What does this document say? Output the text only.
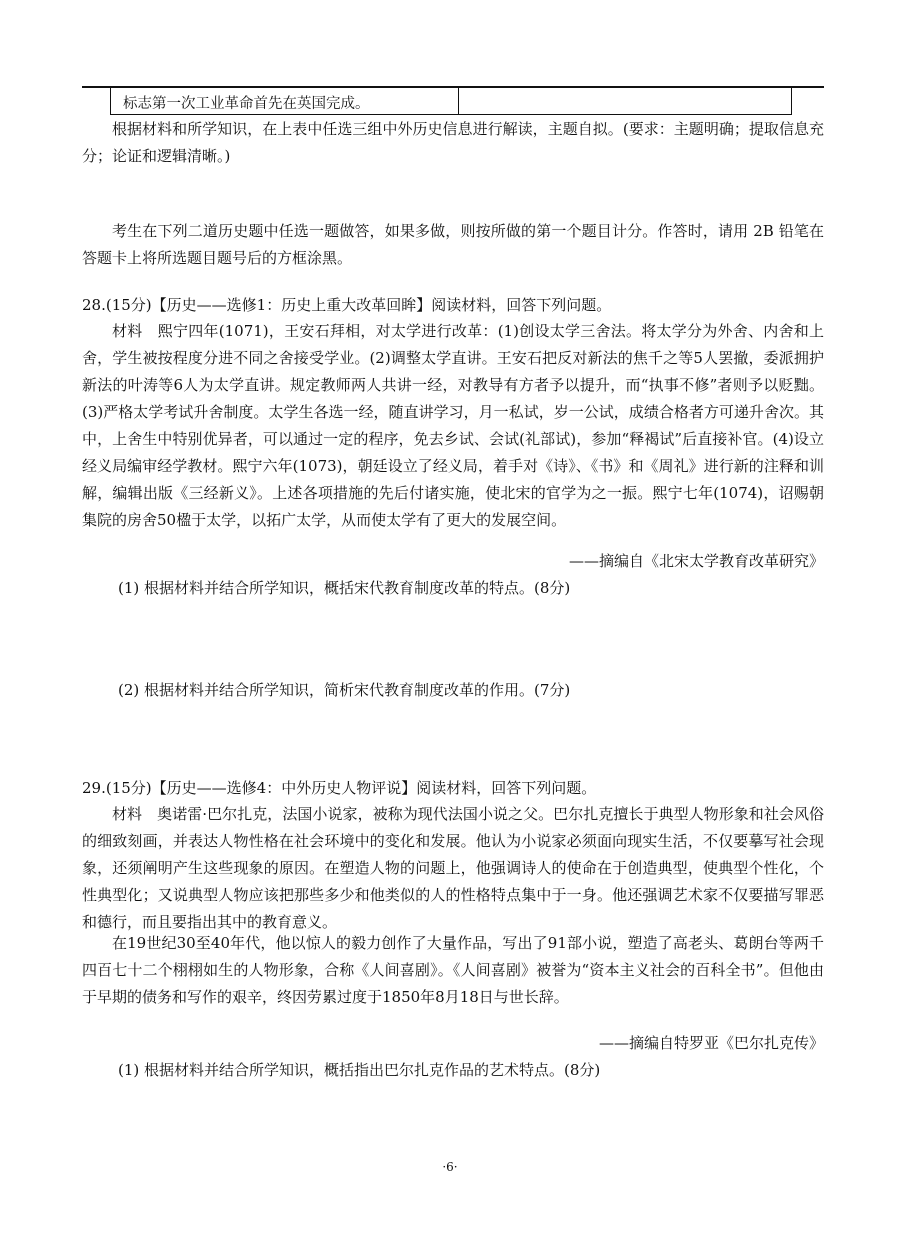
标志第一次工业革命首先在英国完成。

根据材料和所学知识，在上表中任选三组中外历史信息进行解读，主题自拟。(要求：主题明确；提取信息充分；论证和逻辑清晰。)

考生在下列二道历史题中任选一题做答，如果多做，则按所做的第一个题目计分。作答时，请用 2B 铅笔在答题卡上将所选题目题号后的方框涂黑。

28.(15分)【历史——选修1：历史上重大改革回眸】阅读材料，回答下列问题。

材料　熙宁四年(1071)，王安石拜相，对太学进行改革：(1)创设太学三舍法。将太学分为外舍、内舍和上舍，学生被按程度分进不同之舍接受学业。(2)调整太学直讲。王安石把反对新法的焦千之等5人罢撤，委派拥护新法的叶涛等6人为太学直讲。规定教师两人共讲一经，对教导有方者予以提升，而“执事不修”者则予以贬黜。(3)严格太学考试升舍制度。太学生各选一经，随直讲学习，月一私试，岁一公试，成绩合格者方可递升舍次。其中，上舍生中特别优异者，可以通过一定的程序，免去乡试、会试(礼部试)，参加“释褐试”后直接补官。(4)设立经义局编审经学教材。熙宁六年(1073)，朝廷设立了经义局，着手对《诗》、《书》和《周礼》进行新的注释和训解，编辑出版《三经新义》。上述各项措施的先后付诸实施，使北宋的官学为之一振。熙宁七年(1074)，诏赐朝集院的房舍50楹于太学，以拓广太学，从而使太学有了更大的发展空间。

——摘编自《北宋太学教育改革研究》
(1) 根据材料并结合所学知识，概括宋代教育制度改革的特点。(8分)
(2) 根据材料并结合所学知识，简析宋代教育制度改革的作用。(7分)
29.(15分)【历史——选修4：中外历史人物评说】阅读材料，回答下列问题。

材料　奥诺雷·巴尔扎克，法国小说家，被称为现代法国小说之父。巴尔扎克擅长于典型人物形象和社会风俗的细致刻画，并表达人物性格在社会环境中的变化和发展。他认为小说家必须面向现实生活，不仅要摹写社会现象，还须阐明产生这些现象的原因。在塑造人物的问题上，他强调诗人的使命在于创造典型，使典型个性化，个性典型化；又说典型人物应该把那些多少和他类似的人的性格特点集中于一身。他还强调艺术家不仅要描写罪恶和德行，而且要指出其中的教育意义。

在19世纪30至40年代，他以惊人的毅力创作了大量作品，写出了91部小说，塑造了高老头、葛朗台等两千四百七十二个栩栩如生的人物形象，合称《人间喜剧》。《人间喜剧》被誉为“资本主义社会的百科全书”。但他由于早期的债务和写作的艰辛，终因劳累过度于1850年8月18日与世长辞。

——摘编自特罗亚《巴尔扎克传》
(1) 根据材料并结合所学知识，概括指出巴尔扎克作品的艺术特点。(8分)
·6·
